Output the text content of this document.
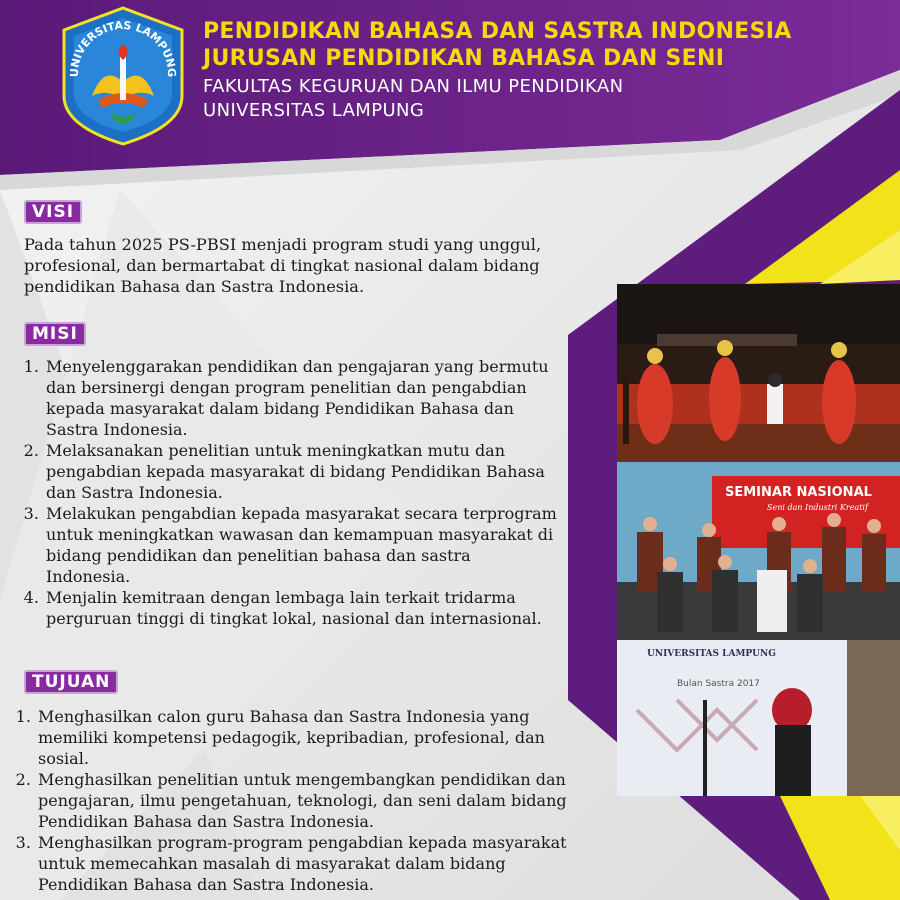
UNIVERSITAS LAMPUNG
PENDIDIKAN BAHASA DAN SASTRA INDONESIA
JURUSAN PENDIDIKAN BAHASA DAN SENI
FAKULTAS KEGURUAN DAN ILMU PENDIDIKAN
UNIVERSITAS LAMPUNG
VISI
Pada tahun 2025 PS-PBSI menjadi program studi yang unggul,
profesional, dan bermartabat di tingkat nasional dalam bidang
pendidikan Bahasa dan Sastra Indonesia.
MISI
1. Menyelenggarakan pendidikan dan pengajaran yang bermutu dan bersinergi dengan program penelitian dan pengabdian kepada masyarakat dalam bidang Pendidikan Bahasa dan Sastra Indonesia.
2. Melaksanakan penelitian untuk meningkatkan mutu dan pengabdian kepada masyarakat di bidang Pendidikan Bahasa dan Sastra Indonesia.
3. Melakukan pengabdian kepada masyarakat secara terprogram untuk meningkatkan wawasan dan kemampuan masyarakat di bidang pendidikan dan penelitian bahasa dan sastra Indonesia.
4. Menjalin kemitraan dengan lembaga lain terkait tridarma perguruan tinggi di tingkat lokal, nasional dan internasional.
TUJUAN
1. Menghasilkan calon guru Bahasa dan Sastra Indonesia yang memiliki kompetensi pedagogik, kepribadian, profesional, dan sosial.
2. Menghasilkan penelitian untuk mengembangkan pendidikan dan pengajaran, ilmu pengetahuan, teknologi, dan seni dalam bidang Pendidikan Bahasa dan Sastra Indonesia.
3. Menghasilkan program-program pengabdian kepada masyarakat untuk memecahkan masalah di masyarakat dalam bidang Pendidikan Bahasa dan Sastra Indonesia.
SEMINAR NASIONAL
Seni dan Industri Kreatif
UNIVERSITAS LAMPUNG
Bulan Sastra 2017
